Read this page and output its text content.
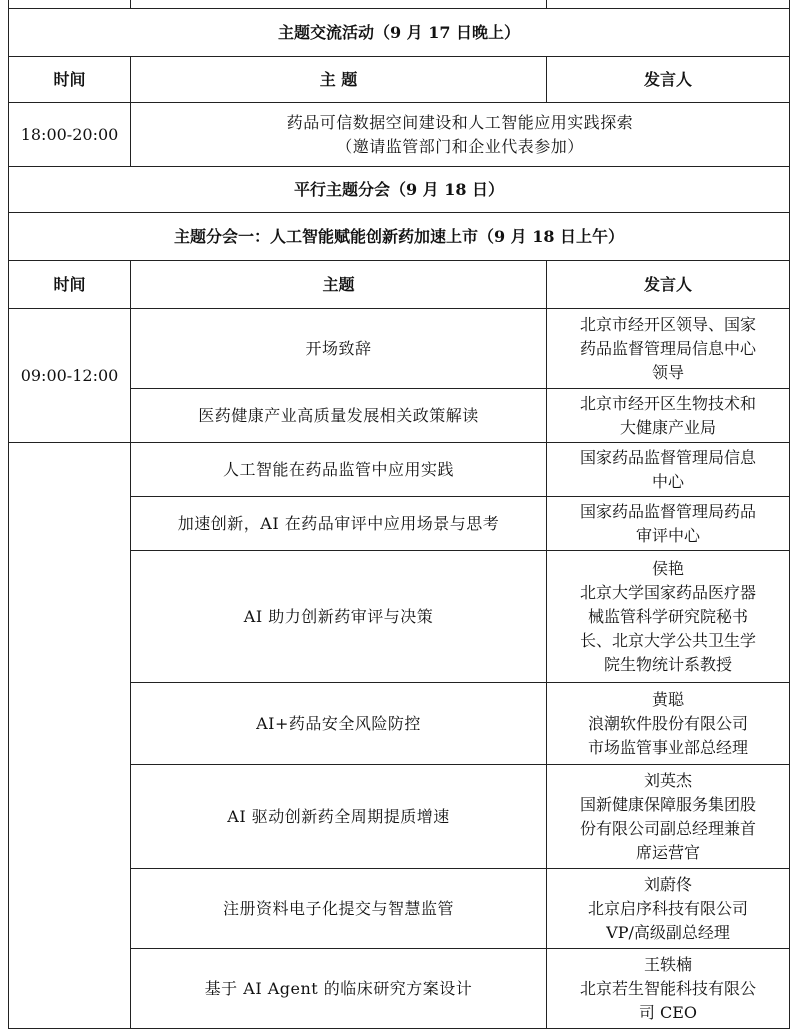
主题交流活动（9 月 17 日晚上）		
时间	主 题	发言人
18:00-20:00	药品可信数据空间建设和人工智能应用实践探索
（邀请监管部门和企业代表参加）	

平行主题分会（9 月 18 日）		
主题分会一：人工智能赋能创新药加速上市（9 月 18 日上午）		
时间	主题	发言人
09:00-12:00	开场致辞	北京市经开区领导、国家
药品监督管理局信息中心
领导

	医药健康产业高质量发展相关政策解读	北京市经开区生物技术和
大健康产业局

	人工智能在药品监管中应用实践	国家药品监督管理局信息
中心

	加速创新，AI 在药品审评中应用场景与思考	国家药品监督管理局药品
审评中心

	AI 助力创新药审评与决策	侯艳
北京大学国家药品医疗器
械监管科学研究院秘书
长、北京大学公共卫生学
院生物统计系教授

	AI+药品安全风险防控	黄聪
浪潮软件股份有限公司
市场监管事业部总经理

	AI 驱动创新药全周期提质增速	刘英杰
国新健康保障服务集团股
份有限公司副总经理兼首
席运营官

	注册资料电子化提交与智慧监管	刘蔚佟
北京启序科技有限公司
VP/高级副总经理

	基于 AI Agent 的临床研究方案设计	王轶楠
北京若生智能科技有限公
司 CEO
